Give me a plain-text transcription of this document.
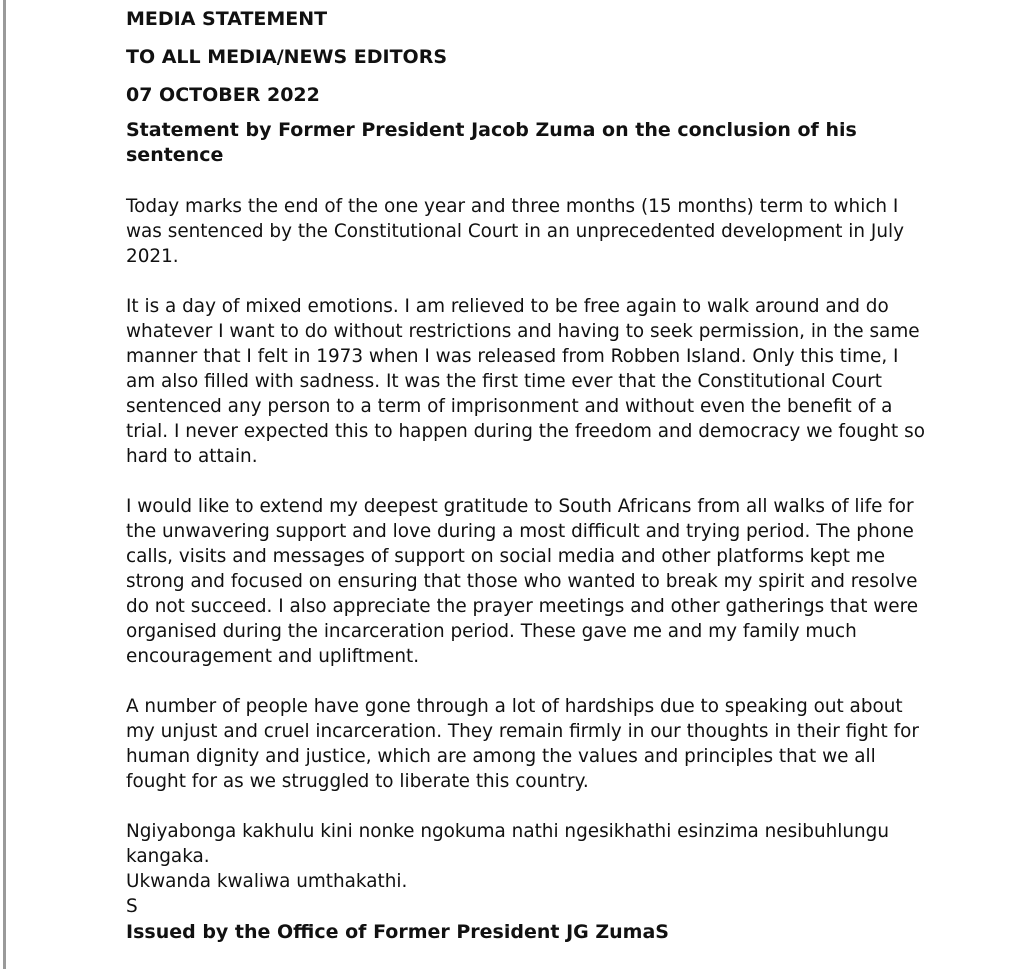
MEDIA STATEMENT

TO ALL MEDIA/NEWS EDITORS

07 OCTOBER 2022

Statement by Former President Jacob Zuma on the conclusion of his sentence

Today marks the end of the one year and three months (15 months) term to which I was sentenced by the Constitutional Court in an unprecedented development in July 2021.

It is a day of mixed emotions. I am relieved to be free again to walk around and do whatever I want to do without restrictions and having to seek permission, in the same manner that I felt in 1973 when I was released from Robben Island. Only this time, I am also filled with sadness. It was the first time ever that the Constitutional Court sentenced any person to a term of imprisonment and without even the benefit of a trial. I never expected this to happen during the freedom and democracy we fought so hard to attain.

I would like to extend my deepest gratitude to South Africans from all walks of life for the unwavering support and love during a most difficult and trying period. The phone calls, visits and messages of support on social media and other platforms kept me strong and focused on ensuring that those who wanted to break my spirit and resolve do not succeed. I also appreciate the prayer meetings and other gatherings that were organised during the incarceration period. These gave me and my family much encouragement and upliftment.

A number of people have gone through a lot of hardships due to speaking out about my unjust and cruel incarceration. They remain firmly in our thoughts in their fight for human dignity and justice, which are among the values and principles that we all fought for as we struggled to liberate this country.

Ngiyabonga kakhulu kini nonke ngokuma nathi ngesikhathi esinzima nesibuhlungu kangaka.

Ukwanda kwaliwa umthakathi.

S

Issued by the Office of Former President JG ZumaS
